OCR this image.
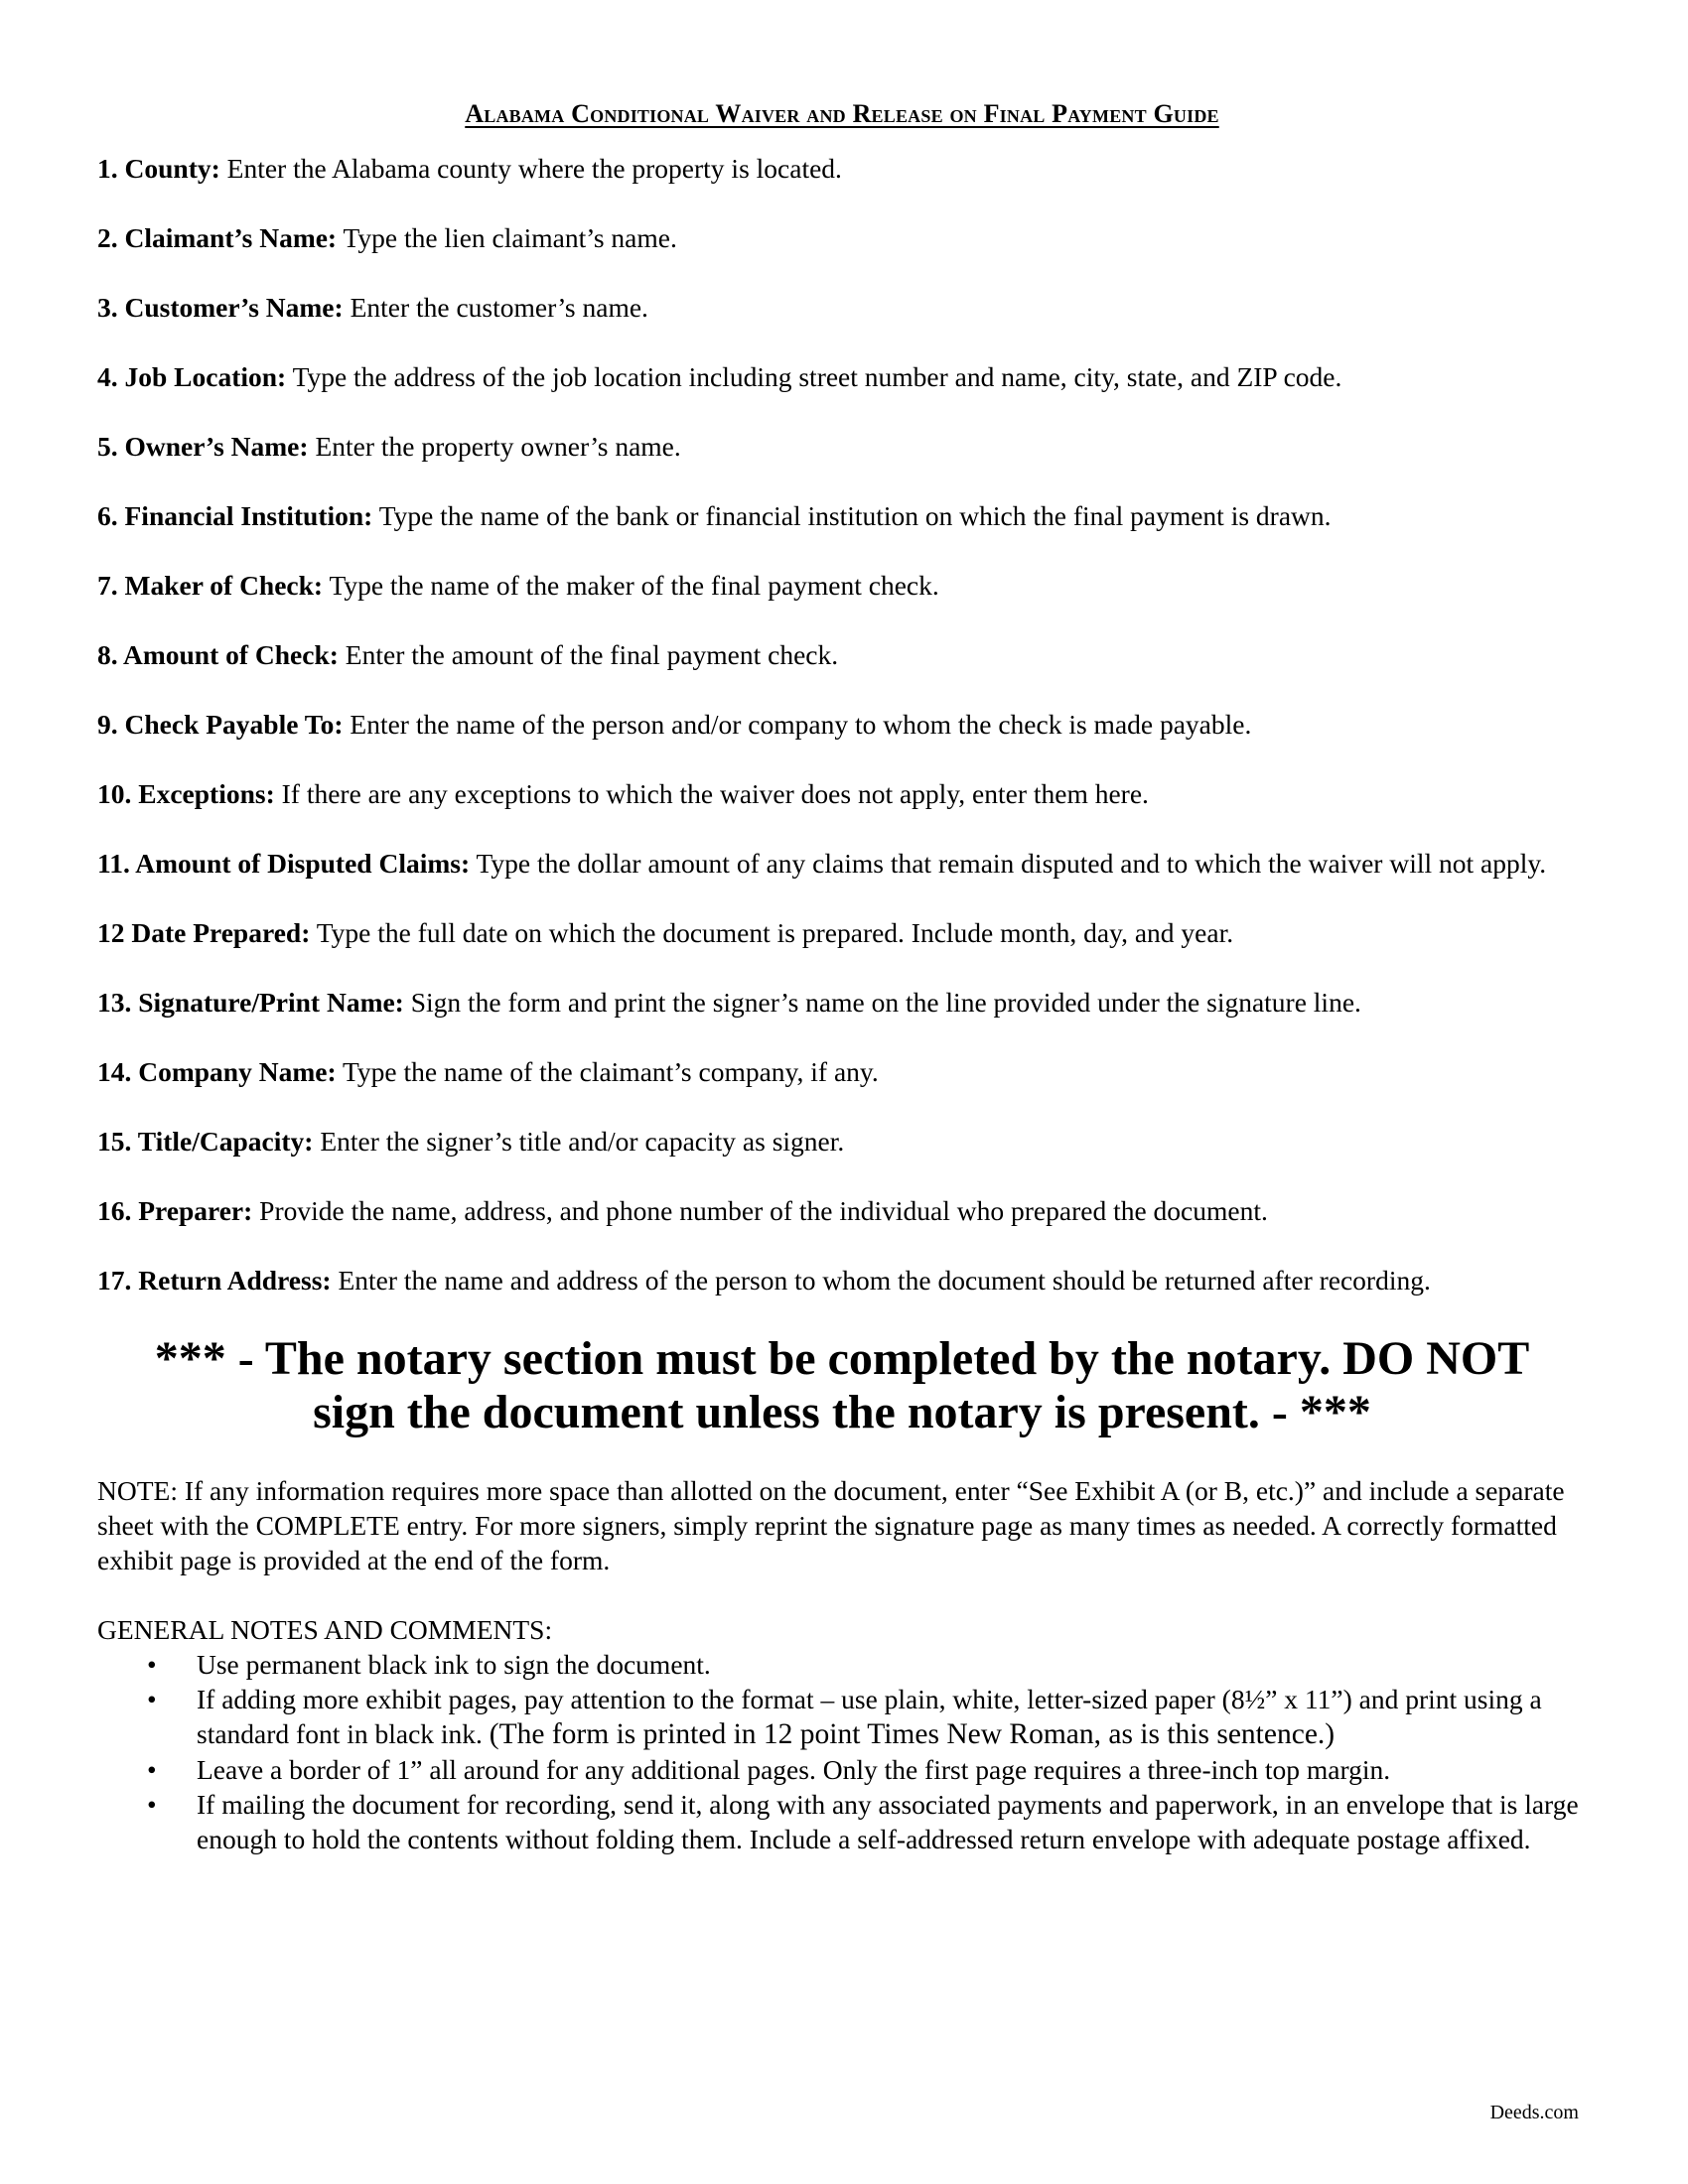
Alabama Conditional Waiver and Release on Final Payment Guide
1. County: Enter the Alabama county where the property is located.
2. Claimant’s Name: Type the lien claimant’s name.
3. Customer’s Name: Enter the customer’s name.
4. Job Location: Type the address of the job location including street number and name, city, state, and ZIP code.
5. Owner’s Name: Enter the property owner’s name.
6. Financial Institution: Type the name of the bank or financial institution on which the final payment is drawn.
7. Maker of Check: Type the name of the maker of the final payment check.
8. Amount of Check: Enter the amount of the final payment check.
9. Check Payable To: Enter the name of the person and/or company to whom the check is made payable.
10. Exceptions: If there are any exceptions to which the waiver does not apply, enter them here.
11. Amount of Disputed Claims: Type the dollar amount of any claims that remain disputed and to which the waiver will not apply.
12 Date Prepared: Type the full date on which the document is prepared. Include month, day, and year.
13. Signature/Print Name: Sign the form and print the signer’s name on the line provided under the signature line.
14. Company Name: Type the name of the claimant’s company, if any.
15. Title/Capacity: Enter the signer’s title and/or capacity as signer.
16. Preparer: Provide the name, address, and phone number of the individual who prepared the document.
17. Return Address: Enter the name and address of the person to whom the document should be returned after recording.
*** - The notary section must be completed by the notary. DO NOT sign the document unless the notary is present. - ***

NOTE: If any information requires more space than allotted on the document, enter “See Exhibit A (or B, etc.)” and include a separate sheet with the COMPLETE entry. For more signers, simply reprint the signature page as many times as needed. A correctly formatted exhibit page is provided at the end of the form.

GENERAL NOTES AND COMMENTS:

• Use permanent black ink to sign the document.
• If adding more exhibit pages, pay attention to the format – use plain, white, letter-sized paper (8½” x 11”) and print using a standard font in black ink. (The form is printed in 12 point Times New Roman, as is this sentence.)
• Leave a border of 1” all around for any additional pages. Only the first page requires a three-inch top margin.
• If mailing the document for recording, send it, along with any associated payments and paperwork, in an envelope that is large enough to hold the contents without folding them. Include a self-addressed return envelope with adequate postage affixed.
Deeds.com
